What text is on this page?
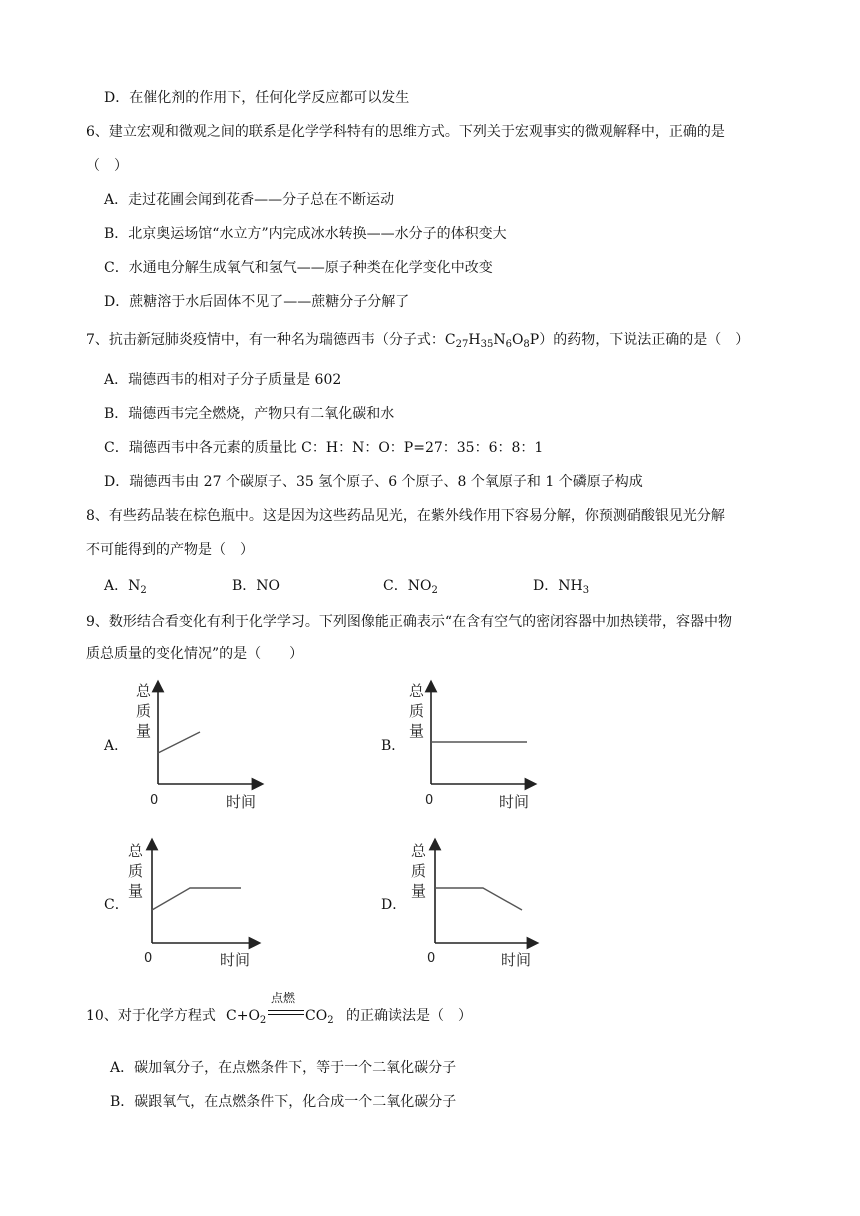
D．在催化剂的作用下，任何化学反应都可以发生
6、建立宏观和微观之间的联系是化学学科特有的思维方式。下列关于宏观事实的微观解释中，正确的是
（　）
A．走过花圃会闻到花香——分子总在不断运动
B．北京奥运场馆“水立方”内完成冰水转换——水分子的体积变大
C．水通电分解生成氧气和氢气——原子种类在化学变化中改变
D．蔗糖溶于水后固体不见了——蔗糖分子分解了
7、抗击新冠肺炎疫情中，有一种名为瑞德西韦（分子式：$C_{27}H_{35}N_6O_8P$）的药物，下说法正确的是（　）
A．瑞德西韦的相对子分子质量是 602
B．瑞德西韦完全燃烧，产物只有二氧化碳和水
C．瑞德西韦中各元素的质量比 C：H：N：O：P=27：35：6：8：1
D．瑞德西韦由 27 个碳原子、35 氢个原子、6 个原子、8 个氧原子和 1 个磷原子构成
8、有些药品装在棕色瓶中。这是因为这些药品见光，在紫外线作用下容易分解，你预测硝酸银见光分解
不可能得到的产物是（　）
A．$N_2$	B．NO	C．$NO_2$	D．$NH_3$
9、数形结合看变化有利于化学学习。下列图像能正确表示“在含有空气的密闭容器中加热镁带，容器中物
质总质量的变化情况”的是（　　）
A．	B．
C．	D．
总
质
量
0	时间
总
质
量
0	时间
总
质
量
0	时间
总
质
量
0	时间
10、对于化学方程式 $C+O_2$
点燃
$CO_2$ 的正确读法是（　）
A．碳加氧分子，在点燃条件下，等于一个二氧化碳分子
B．碳跟氧气，在点燃条件下，化合成一个二氧化碳分子
